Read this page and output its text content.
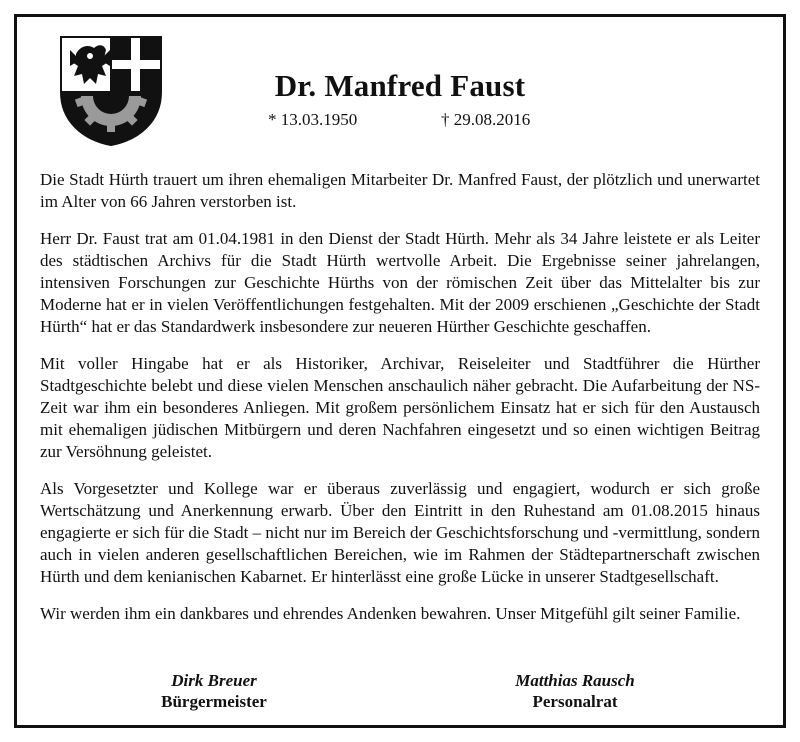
Dr. Manfred Faust
* 13.03.1950	† 29.08.2016

Die Stadt Hürth trauert um ihren ehemaligen Mitarbeiter Dr. Manfred Faust, der plötzlich und unerwartet im Alter von 66 Jahren verstorben ist.

Herr Dr. Faust trat am 01.04.1981 in den Dienst der Stadt Hürth. Mehr als 34 Jahre leistete er als Leiter des städtischen Archivs für die Stadt Hürth wertvolle Arbeit. Die Ergebnisse seiner jahrelangen, intensiven Forschungen zur Geschichte Hürths von der römischen Zeit über das Mittelalter bis zur Moderne hat er in vielen Veröffentlichungen festgehalten. Mit der 2009 erschienen „Geschichte der Stadt Hürth“ hat er das Standardwerk insbesondere zur neueren Hürther Geschichte geschaffen.

Mit voller Hingabe hat er als Historiker, Archivar, Reiseleiter und Stadtführer die Hürther Stadtgeschichte belebt und diese vielen Menschen anschaulich näher gebracht. Die Aufarbeitung der NS-Zeit war ihm ein besonderes Anliegen. Mit großem persönlichem Einsatz hat er sich für den Austausch mit ehemaligen jüdischen Mitbürgern und deren Nachfahren eingesetzt und so einen wichtigen Beitrag zur Versöhnung geleistet.

Als Vorgesetzter und Kollege war er überaus zuverlässig und engagiert, wodurch er sich große Wertschätzung und Anerkennung erwarb. Über den Eintritt in den Ruhestand am 01.08.2015 hinaus engagierte er sich für die Stadt – nicht nur im Bereich der Geschichtsforschung und -vermittlung, sondern auch in vielen anderen gesellschaftlichen Bereichen, wie im Rahmen der Städtepartnerschaft zwischen Hürth und dem kenianischen Kabarnet. Er hinterlässt eine große Lücke in unserer Stadtgesellschaft.

Wir werden ihm ein dankbares und ehrendes Andenken bewahren. Unser Mitgefühl gilt seiner Familie.

Dirk Breuer
Bürgermeister
Matthias Rausch
Personalrat
